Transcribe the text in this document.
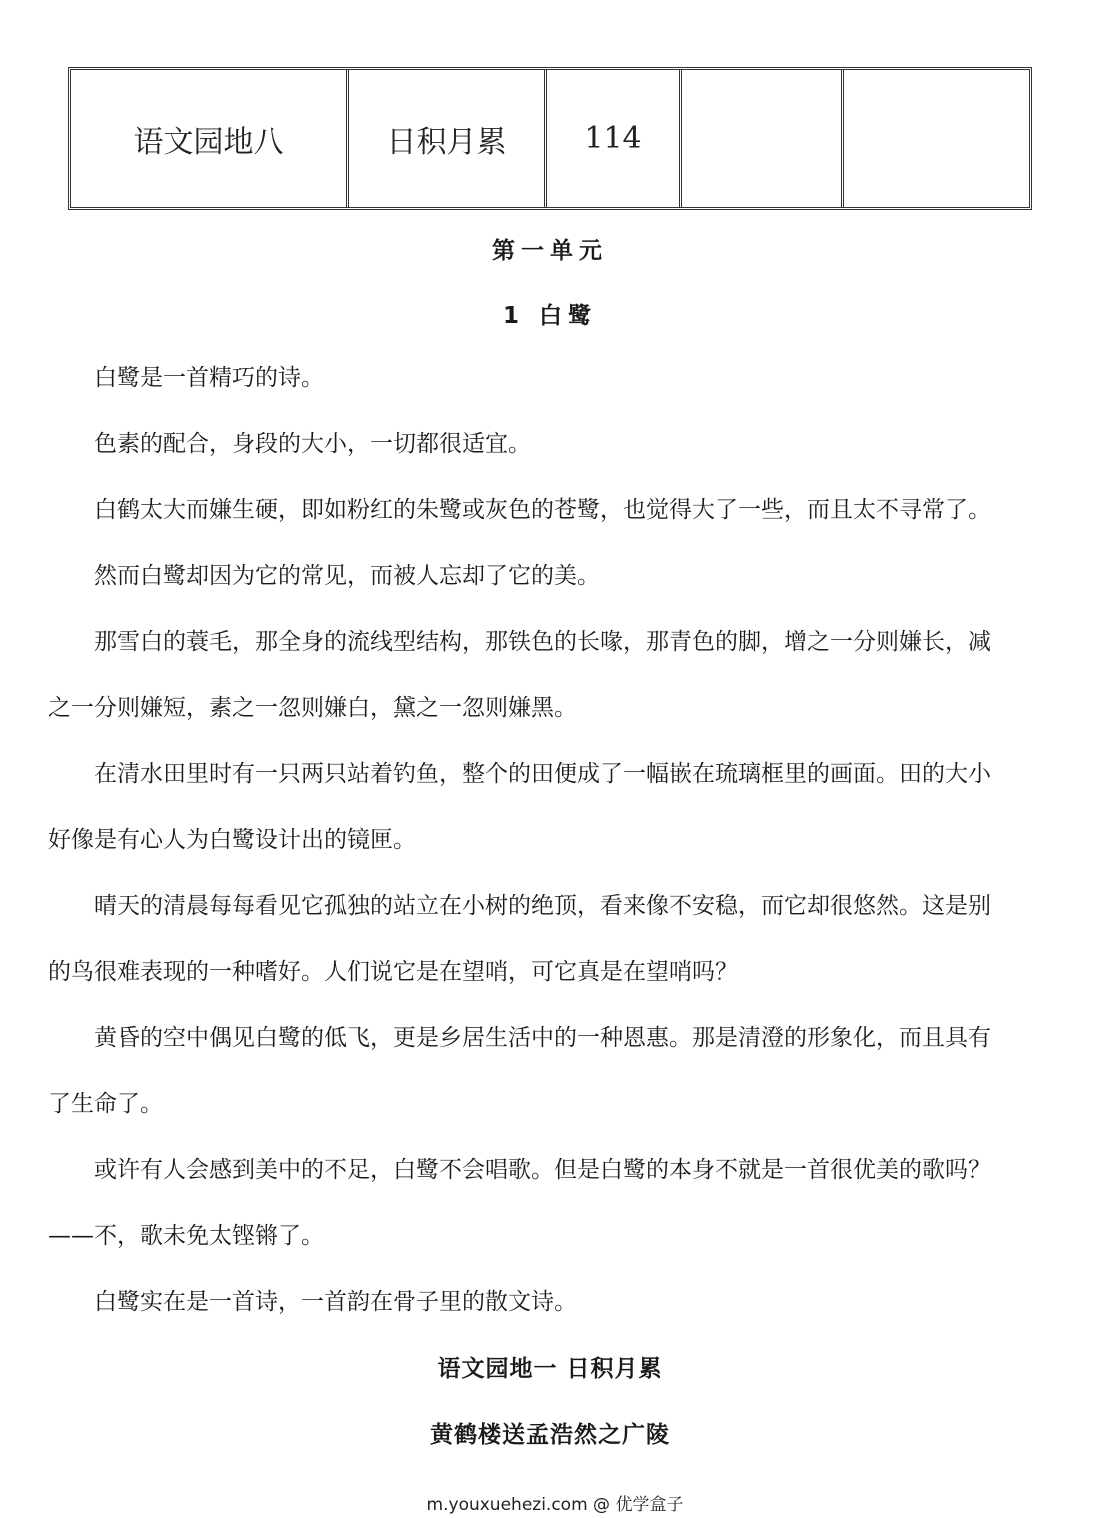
语文园地八	日积月累	114		
第一单元
1 白鹭

白鹭是一首精巧的诗。

色素的配合，身段的大小，一切都很适宜。

白鹤太大而嫌生硬，即如粉红的朱鹭或灰色的苍鹭，也觉得大了一些，而且太不寻常了。

然而白鹭却因为它的常见，而被人忘却了它的美。

那雪白的蓑毛，那全身的流线型结构，那铁色的长喙，那青色的脚，增之一分则嫌长，减
之一分则嫌短，素之一忽则嫌白，黛之一忽则嫌黑。

在清水田里时有一只两只站着钓鱼，整个的田便成了一幅嵌在琉璃框里的画面。田的大小
好像是有心人为白鹭设计出的镜匣。

晴天的清晨每每看见它孤独的站立在小树的绝顶，看来像不安稳，而它却很悠然。这是别
的鸟很难表现的一种嗜好。人们说它是在望哨，可它真是在望哨吗？

黄昏的空中偶见白鹭的低飞，更是乡居生活中的一种恩惠。那是清澄的形象化，而且具有
了生命了。

或许有人会感到美中的不足，白鹭不会唱歌。但是白鹭的本身不就是一首很优美的歌吗？
——不，歌未免太铿锵了。

白鹭实在是一首诗，一首韵在骨子里的散文诗。

语文园地一 日积月累
黄鹤楼送孟浩然之广陵
m.youxuehezi.com @ 优学盒子
